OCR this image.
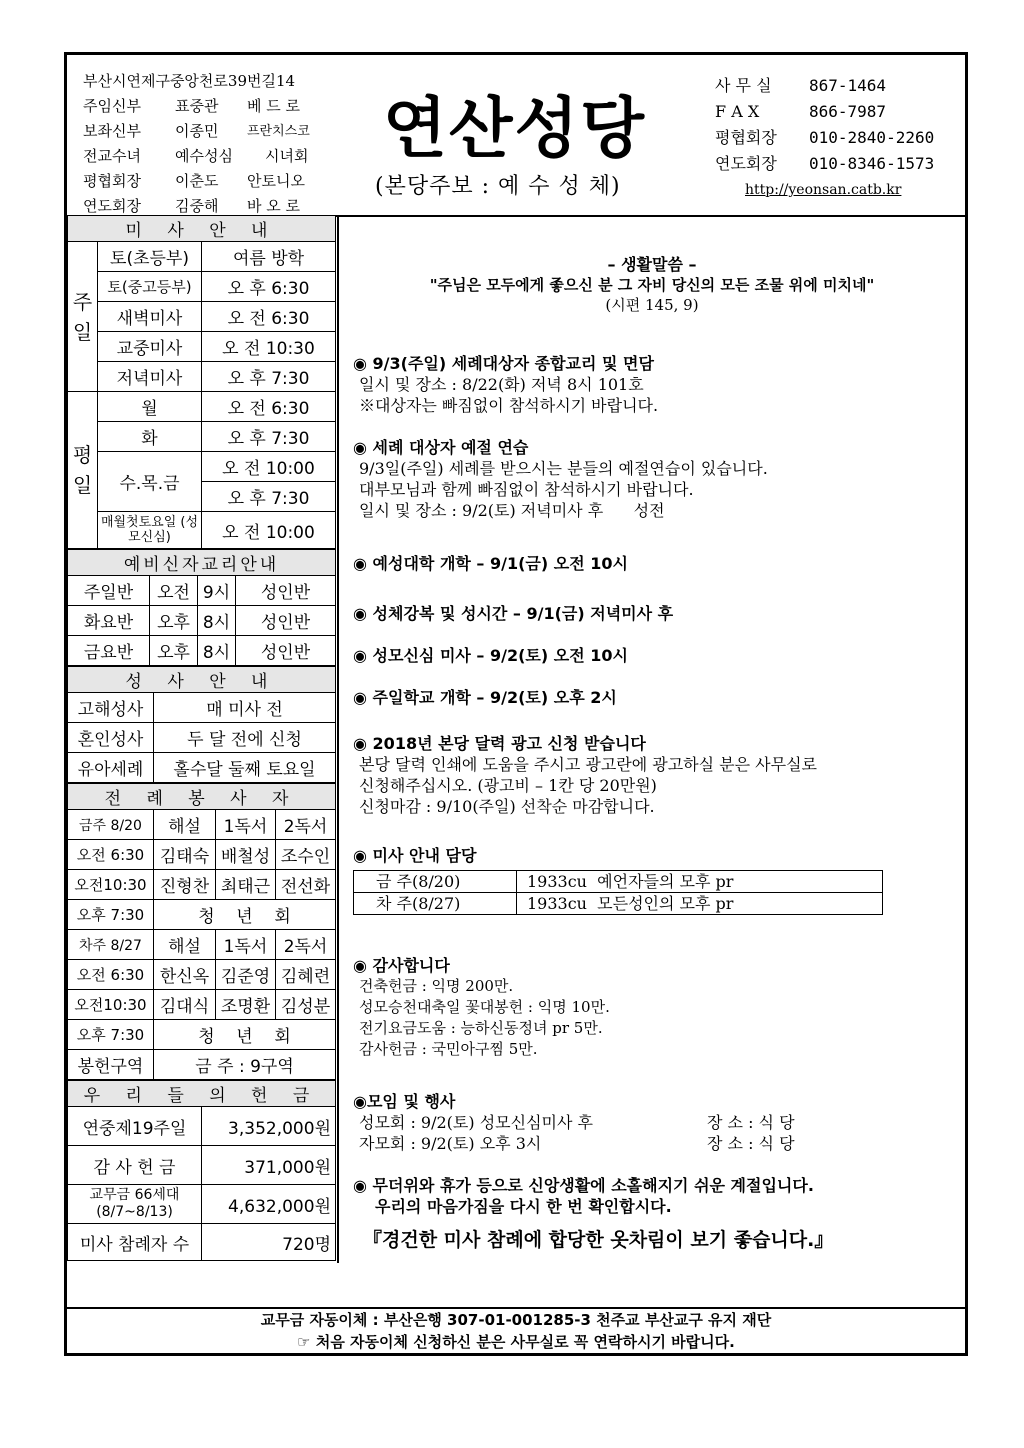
부산시연제구중앙천로39번길14
주임신부	표중관	베 드 로
보좌신부	이종민	프란치스코
전교수녀	예수성심	시녀회
평협회장	이춘도	안토니오
연도회장	김중해	바 오 로
연산성당
(본당주보 : 예 수 성 체)
사 무 실	867-1464
F A X	866-7987
평협회장	010-2840-2260
연도회장	010-8346-1573
http://yeonsan.catb.kr
미 사 안 내		
주일	토(초등부)	여름 방학
	토(중고등부)	오 후 6:30
	새벽미사	오 전 6:30
	교중미사	오 전 10:30
	저녁미사	오 후 7:30
평일	월	오 전 6:30
	화	오 후 7:30
	수.목.금	오 전 10:00
		오 후 7:30
	매월첫토요일 (성모신심)	오 전 10:00
예비신자교리안내			
주일반	오전	9시	성인반
화요반	오후	8시	성인반
금요반	오후	8시	성인반
성 사 안 내	
고해성사	매 미사 전
혼인성사	두 달 전에 신청
유아세례	홀수달 둘째 토요일
전 례 봉 사 자			
금주 8/20	해설	1독서	2독서
오전 6:30	김태숙	배철성	조수인
오전10:30	진형찬	최태근	전선화
오후 7:30	청    년    회		
차주 8/27	해설	1독서	2독서
오전 6:30	한신옥	김준영	김혜련
오전10:30	김대식	조명환	김성분
오후 7:30	청    년    회		
봉헌구역	금 주 : 9구역		
우 리 들 의 헌 금	
연중제19주일	3,352,000원
감 사 헌 금	371,000원
교무금 66세대 (8/7~8/13)	4,632,000원
미사 참례자 수	720명
– 생활말씀 –
"주님은 모두에게 좋으신 분 그 자비 당신의 모든 조물 위에 미치네"
(시편 145, 9)
◉ 9/3(주일) 세례대상자 종합교리 및 면담
일시 및 장소 : 8/22(화) 저녁 8시 101호
※대상자는 빠짐없이 참석하시기 바랍니다.
◉ 세례 대상자 예절 연습
9/3일(주일) 세례를 받으시는 분들의 예절연습이 있습니다.
대부모님과 함께 빠짐없이 참석하시기 바랍니다.
일시 및 장소 : 9/2(토) 저녁미사 후      성전
◉ 예성대학 개학 – 9/1(금) 오전 10시
◉ 성체강복 및 성시간 – 9/1(금) 저녁미사 후
◉ 성모신심 미사 – 9/2(토) 오전 10시
◉ 주일학교 개학 – 9/2(토) 오후 2시
◉ 2018년 본당 달력 광고 신청 받습니다
본당 달력 인쇄에 도움을 주시고 광고란에 광고하실 분은 사무실로
신청해주십시오. (광고비 – 1칸 당 20만원)
신청마감 : 9/10(주일) 선착순 마감합니다.
◉ 미사 안내 담당
금 주(8/20)	1933cu  예언자들의 모후 pr
차 주(8/27)	1933cu  모든성인의 모후 pr
◉ 감사합니다
건축헌금 : 익명 200만.
성모승천대축일 꽃대봉헌 : 익명 10만.
전기요금도움 : 능하신동정녀 pr 5만.
감사헌금 : 국민아구찜 5만.
◉모임 및 행사
성모회 : 9/2(토) 성모신심미사 후	장 소 : 식 당
자모회 : 9/2(토) 오후 3시	장 소 : 식 당
◉ 무더위와 휴가 등으로 신앙생활에 소홀해지기 쉬운 계절입니다.
우리의 마음가짐을 다시 한 번 확인합시다.
『경건한 미사 참례에 합당한 옷차림이 보기 좋습니다.』
교무금 자동이체 : 부산은행 307-01-001285-3 천주교 부산교구 유지 재단
☞ 처음 자동이체 신청하신 분은 사무실로 꼭 연락하시기 바랍니다.
